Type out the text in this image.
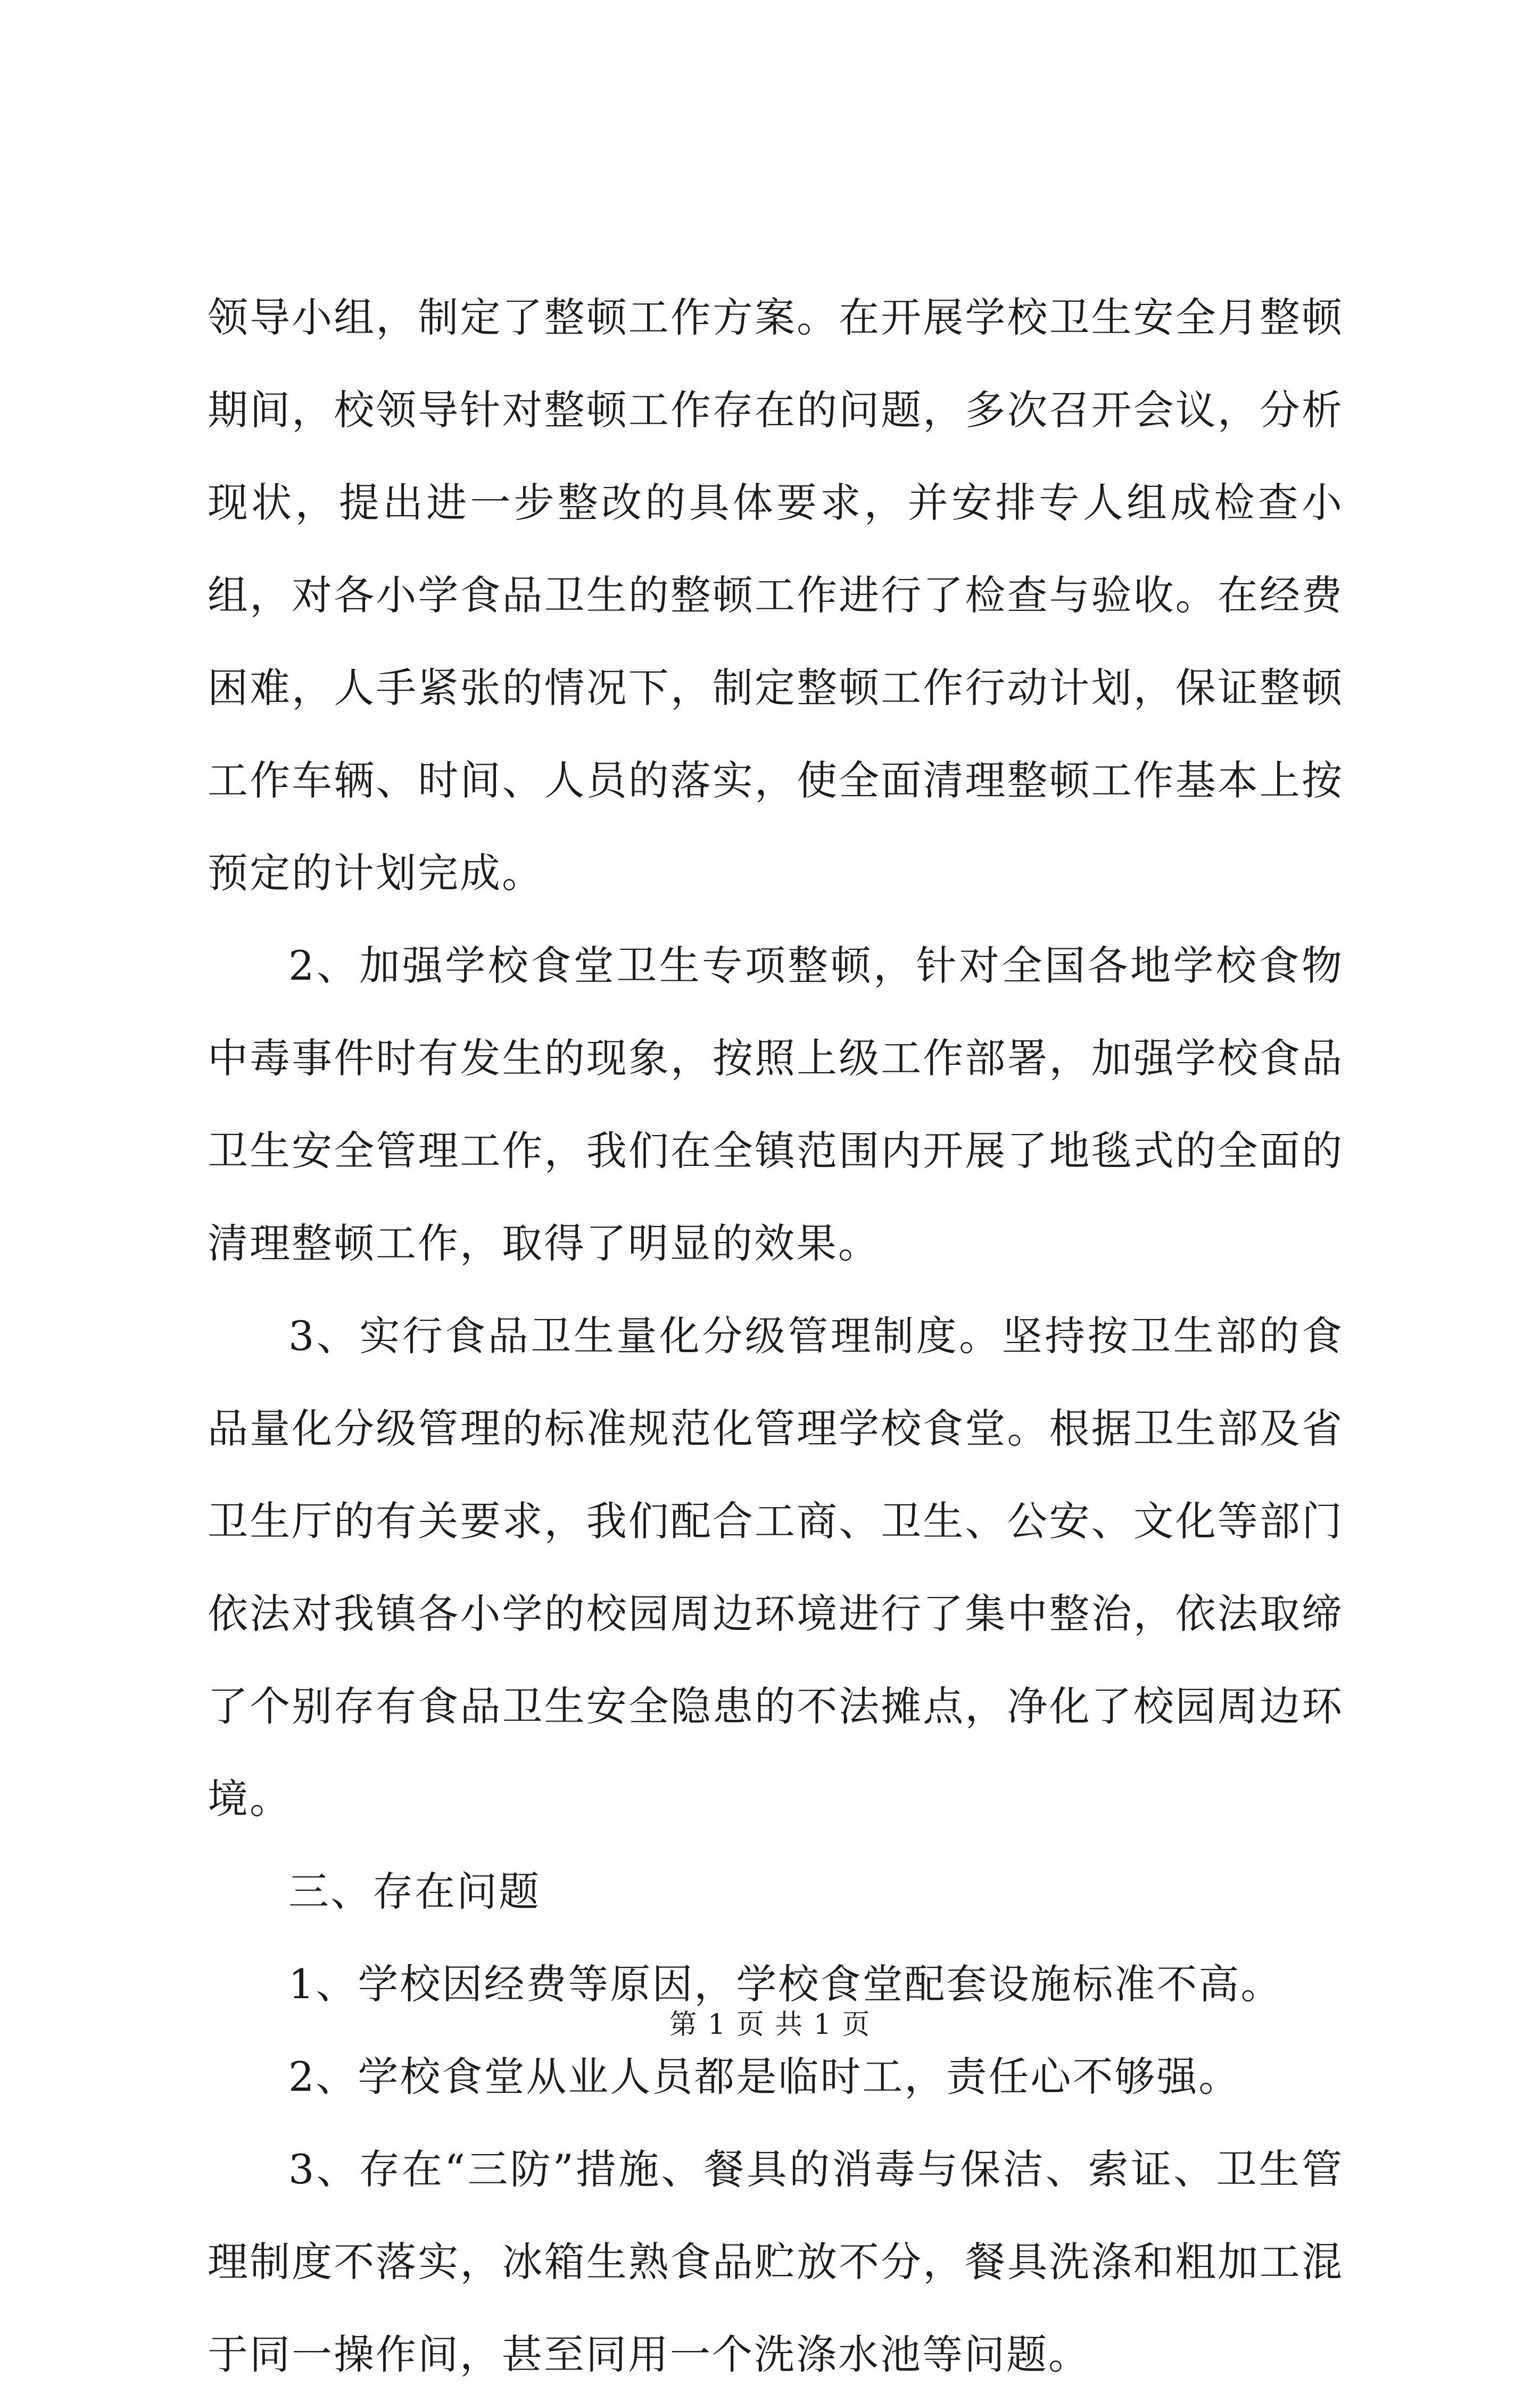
领导小组，制定了整顿工作方案。在开展学校卫生安全月整顿期间，校领导针对整顿工作存在的问题，多次召开会议，分析现状，提出进一步整改的具体要求，并安排专人组成检查小组，对各小学食品卫生的整顿工作进行了检查与验收。在经费困难，人手紧张的情况下，制定整顿工作行动计划，保证整顿工作车辆、时间、人员的落实，使全面清理整顿工作基本上按预定的计划完成。

2、加强学校食堂卫生专项整顿，针对全国各地学校食物中毒事件时有发生的现象，按照上级工作部署，加强学校食品卫生安全管理工作，我们在全镇范围内开展了地毯式的全面的清理整顿工作，取得了明显的效果。

3、实行食品卫生量化分级管理制度。坚持按卫生部的食品量化分级管理的标准规范化管理学校食堂。根据卫生部及省卫生厅的有关要求，我们配合工商、卫生、公安、文化等部门依法对我镇各小学的校园周边环境进行了集中整治，依法取缔了个别存有食品卫生安全隐患的不法摊点，净化了校园周边环境。

三、存在问题

1、学校因经费等原因，学校食堂配套设施标准不高。

2、学校食堂从业人员都是临时工，责任心不够强。

3、存在“三防”措施、餐具的消毒与保洁、索证、卫生管理制度不落实，冰箱生熟食品贮放不分，餐具洗涤和粗加工混于同一操作间，甚至同用一个洗涤水池等问题。

第 1 页 共 1 页
